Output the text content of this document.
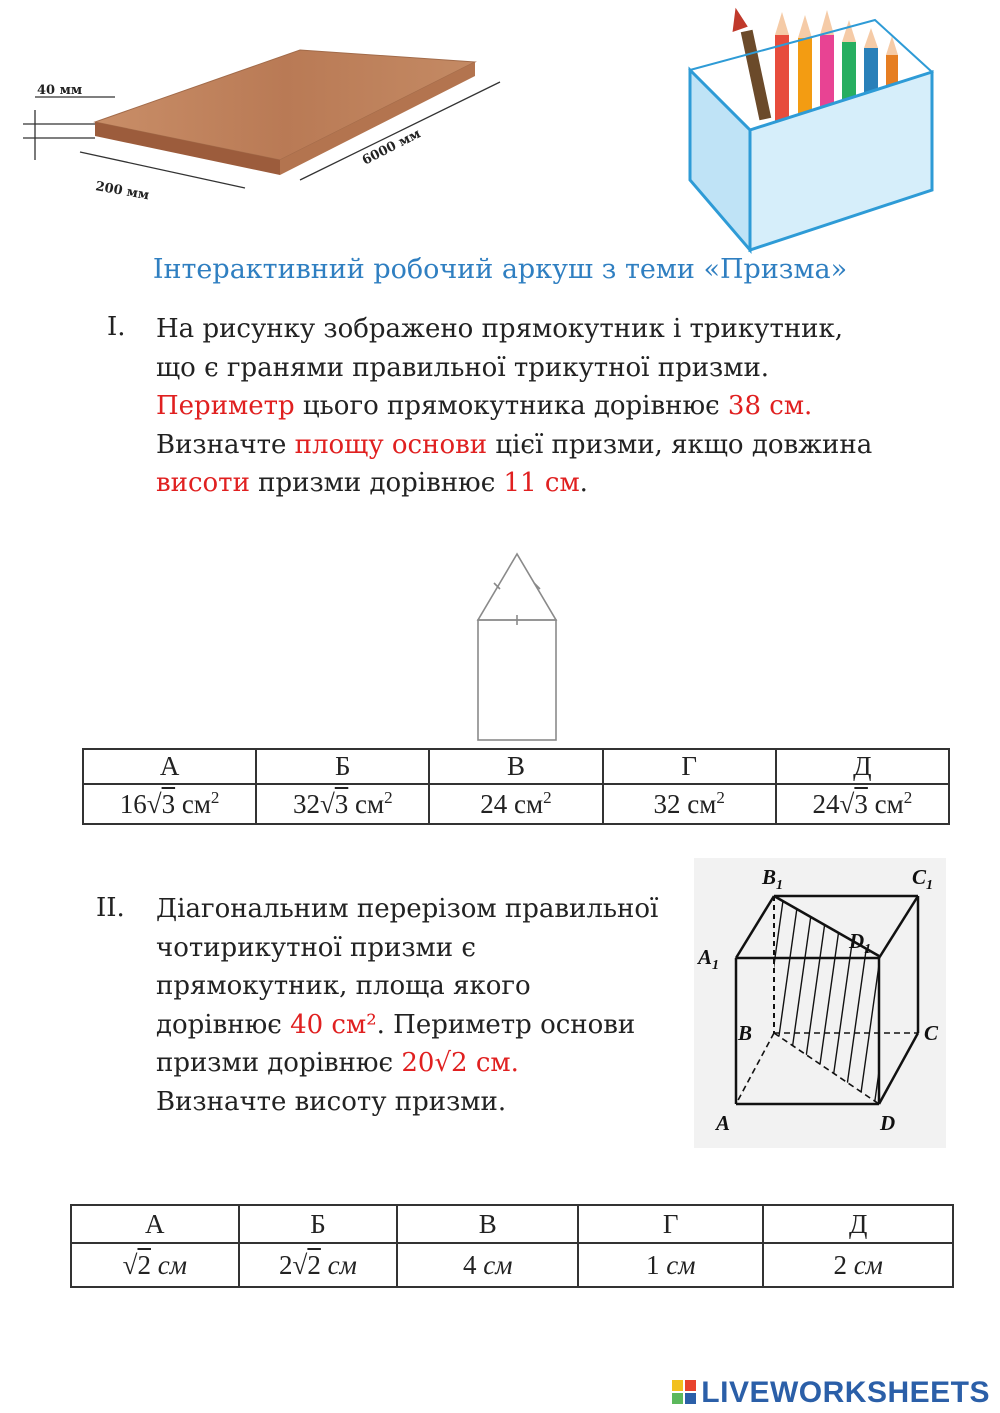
40 мм
200 мм
6000 мм
Інтерактивний робочий аркуш з теми «Призма»
I. На рисунку зображено прямокутник і трикутник,
що є гранями правильної трикутної призми.
Периметр цього прямокутника дорівнює 38 см.
Визначте площу основи цієї призми, якщо довжина
висоти призми дорівнює 11 см.
А	Б	В	Г	Д
16√3 $см^2$	32√3 $см^2$	24 $см^2$	32 $см^2$	24√3 $см^2$
II. Діагональним перерізом правильної
чотирикутної призми є
прямокутник, площа якого
дорівнює 40 см². Периметр основи
призми дорівнює 20√2 см.
Визначте висоту призми.
$B_1$	$C_1$
$A_1$
$D_1$
B	C
A	D
А	Б	В	Г	Д
√2 см	2√2 см	4 см	1 см	2 см
LIVEWORKSHEETS
